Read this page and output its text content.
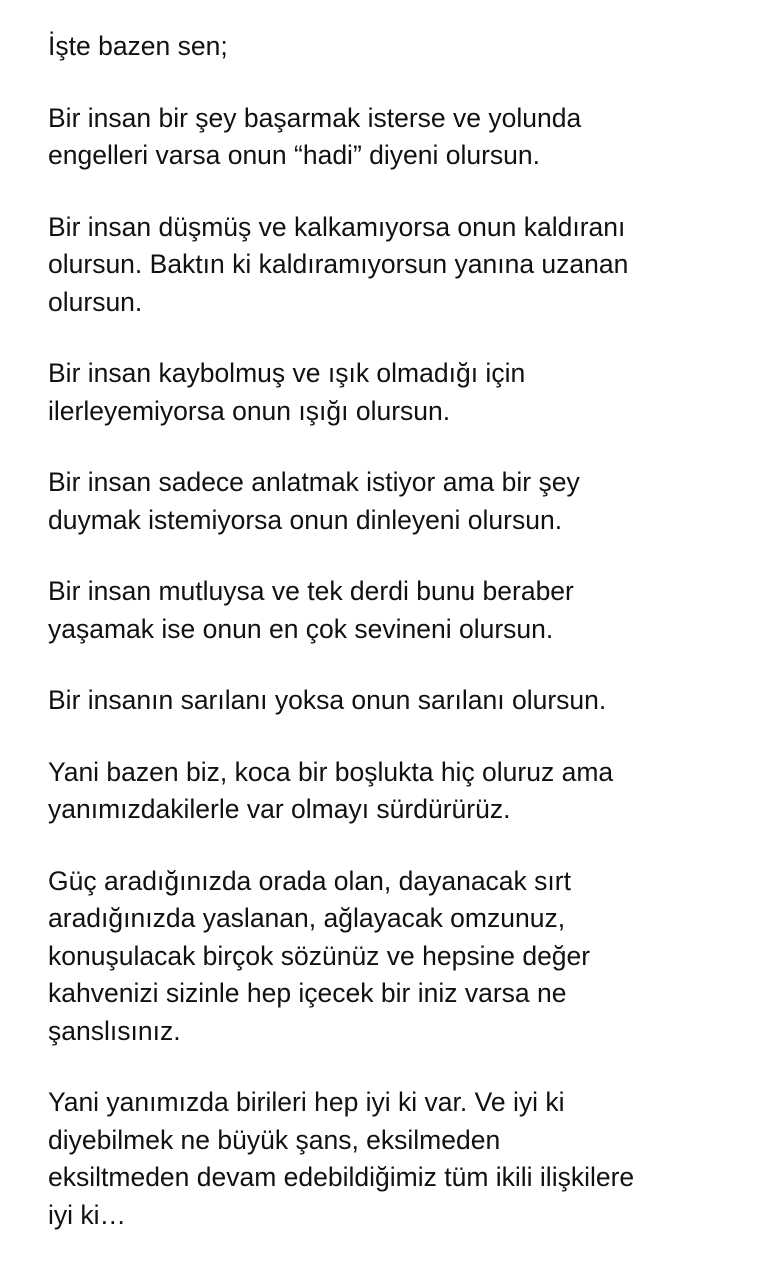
İşte bazen sen;

Bir insan bir şey başarmak isterse ve yolunda
engelleri varsa onun “hadi” diyeni olursun.

Bir insan düşmüş ve kalkamıyorsa onun kaldıranı
olursun. Baktın ki kaldıramıyorsun yanına uzanan
olursun.

Bir insan kaybolmuş ve ışık olmadığı için
ilerleyemiyorsa onun ışığı olursun.

Bir insan sadece anlatmak istiyor ama bir şey
duymak istemiyorsa onun dinleyeni olursun.

Bir insan mutluysa ve tek derdi bunu beraber
yaşamak ise onun en çok sevineni olursun.

Bir insanın sarılanı yoksa onun sarılanı olursun.

Yani bazen biz, koca bir boşlukta hiç oluruz ama
yanımızdakilerle var olmayı sürdürürüz.

Güç aradığınızda orada olan, dayanacak sırt
aradığınızda yaslanan, ağlayacak omzunuz,
konuşulacak birçok sözünüz ve hepsine değer
kahvenizi sizinle hep içecek bir iniz varsa ne
şanslısınız.

Yani yanımızda birileri hep iyi ki var. Ve iyi ki
diyebilmek ne büyük şans, eksilmeden
eksiltmeden devam edebildiğimiz tüm ikili ilişkilere
iyi ki…
